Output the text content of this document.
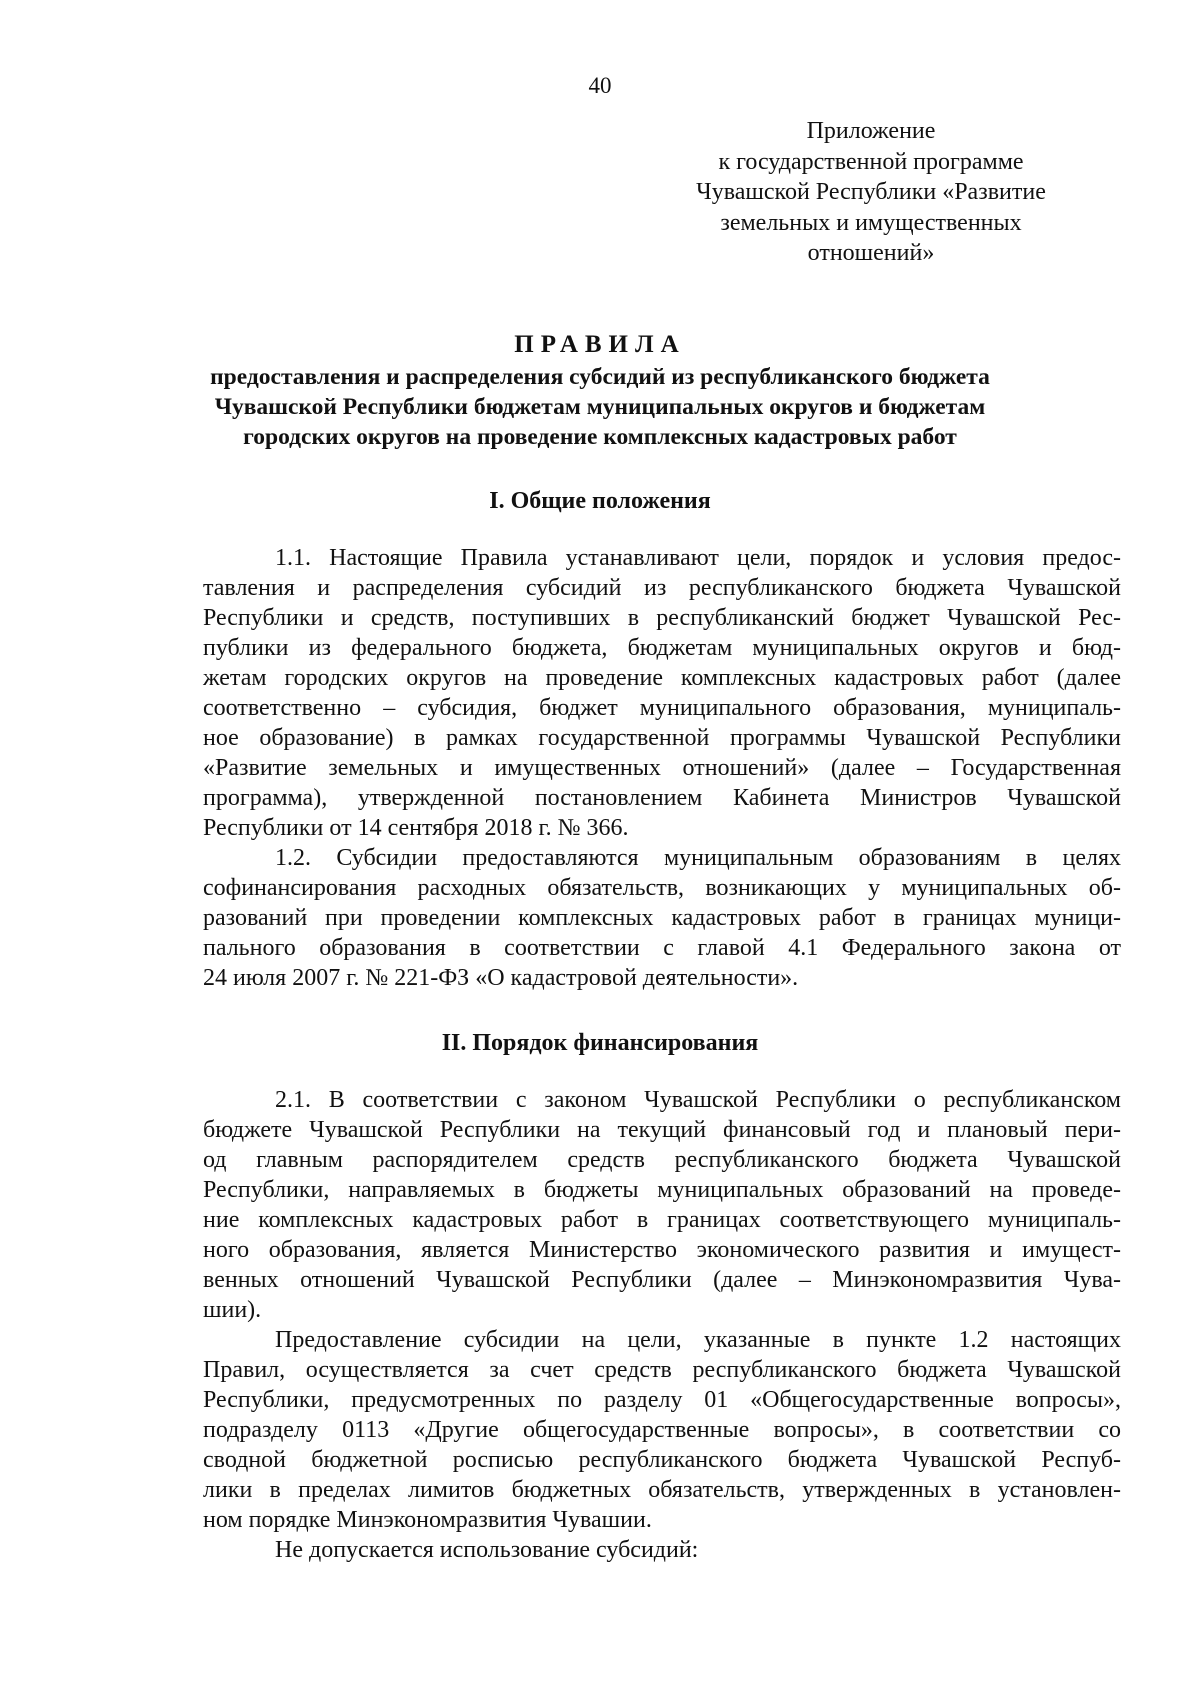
40
Приложение
к государственной программе
Чувашской Республики «Развитие
земельных и имущественных
отношений»
ПРАВИЛА
предоставления и распределения субсидий из республиканского бюджета
Чувашской Республики бюджетам муниципальных округов и бюджетам
городских округов на проведение комплексных кадастровых работ
I. Общие положения
1.1. Настоящие Правила устанавливают цели, порядок и условия предос-
тавления и распределения субсидий из республиканского бюджета Чувашской
Республики и средств, поступивших в республиканский бюджет Чувашской Рес-
публики из федерального бюджета, бюджетам муниципальных округов и бюд-
жетам городских округов на проведение комплексных кадастровых работ (далее
соответственно – субсидия, бюджет муниципального образования, муниципаль-
ное образование) в рамках государственной программы Чувашской Республики
«Развитие земельных и имущественных отношений» (далее – Государственная
программа), утвержденной постановлением Кабинета Министров Чувашской
Республики от 14 сентября 2018 г. № 366.
1.2. Субсидии предоставляются муниципальным образованиям в целях
софинансирования расходных обязательств, возникающих у муниципальных об-
разований при проведении комплексных кадастровых работ в границах муници-
пального образования в соответствии с главой 4.1 Федерального закона от
24 июля 2007 г. № 221-ФЗ «О кадастровой деятельности».
II. Порядок финансирования
2.1. В соответствии с законом Чувашской Республики о республиканском
бюджете Чувашской Республики на текущий финансовый год и плановый пери-
од главным распорядителем средств республиканского бюджета Чувашской
Республики, направляемых в бюджеты муниципальных образований на проведе-
ние комплексных кадастровых работ в границах соответствующего муниципаль-
ного образования, является Министерство экономического развития и имущест-
венных отношений Чувашской Республики (далее – Минэкономразвития Чува-
шии).
Предоставление субсидии на цели, указанные в пункте 1.2 настоящих
Правил, осуществляется за счет средств республиканского бюджета Чувашской
Республики, предусмотренных по разделу 01 «Общегосударственные вопросы»,
подразделу 0113 «Другие общегосударственные вопросы», в соответствии со
сводной бюджетной росписью республиканского бюджета Чувашской Респуб-
лики в пределах лимитов бюджетных обязательств, утвержденных в установлен-
ном порядке Минэкономразвития Чувашии.
Не допускается использование субсидий:
